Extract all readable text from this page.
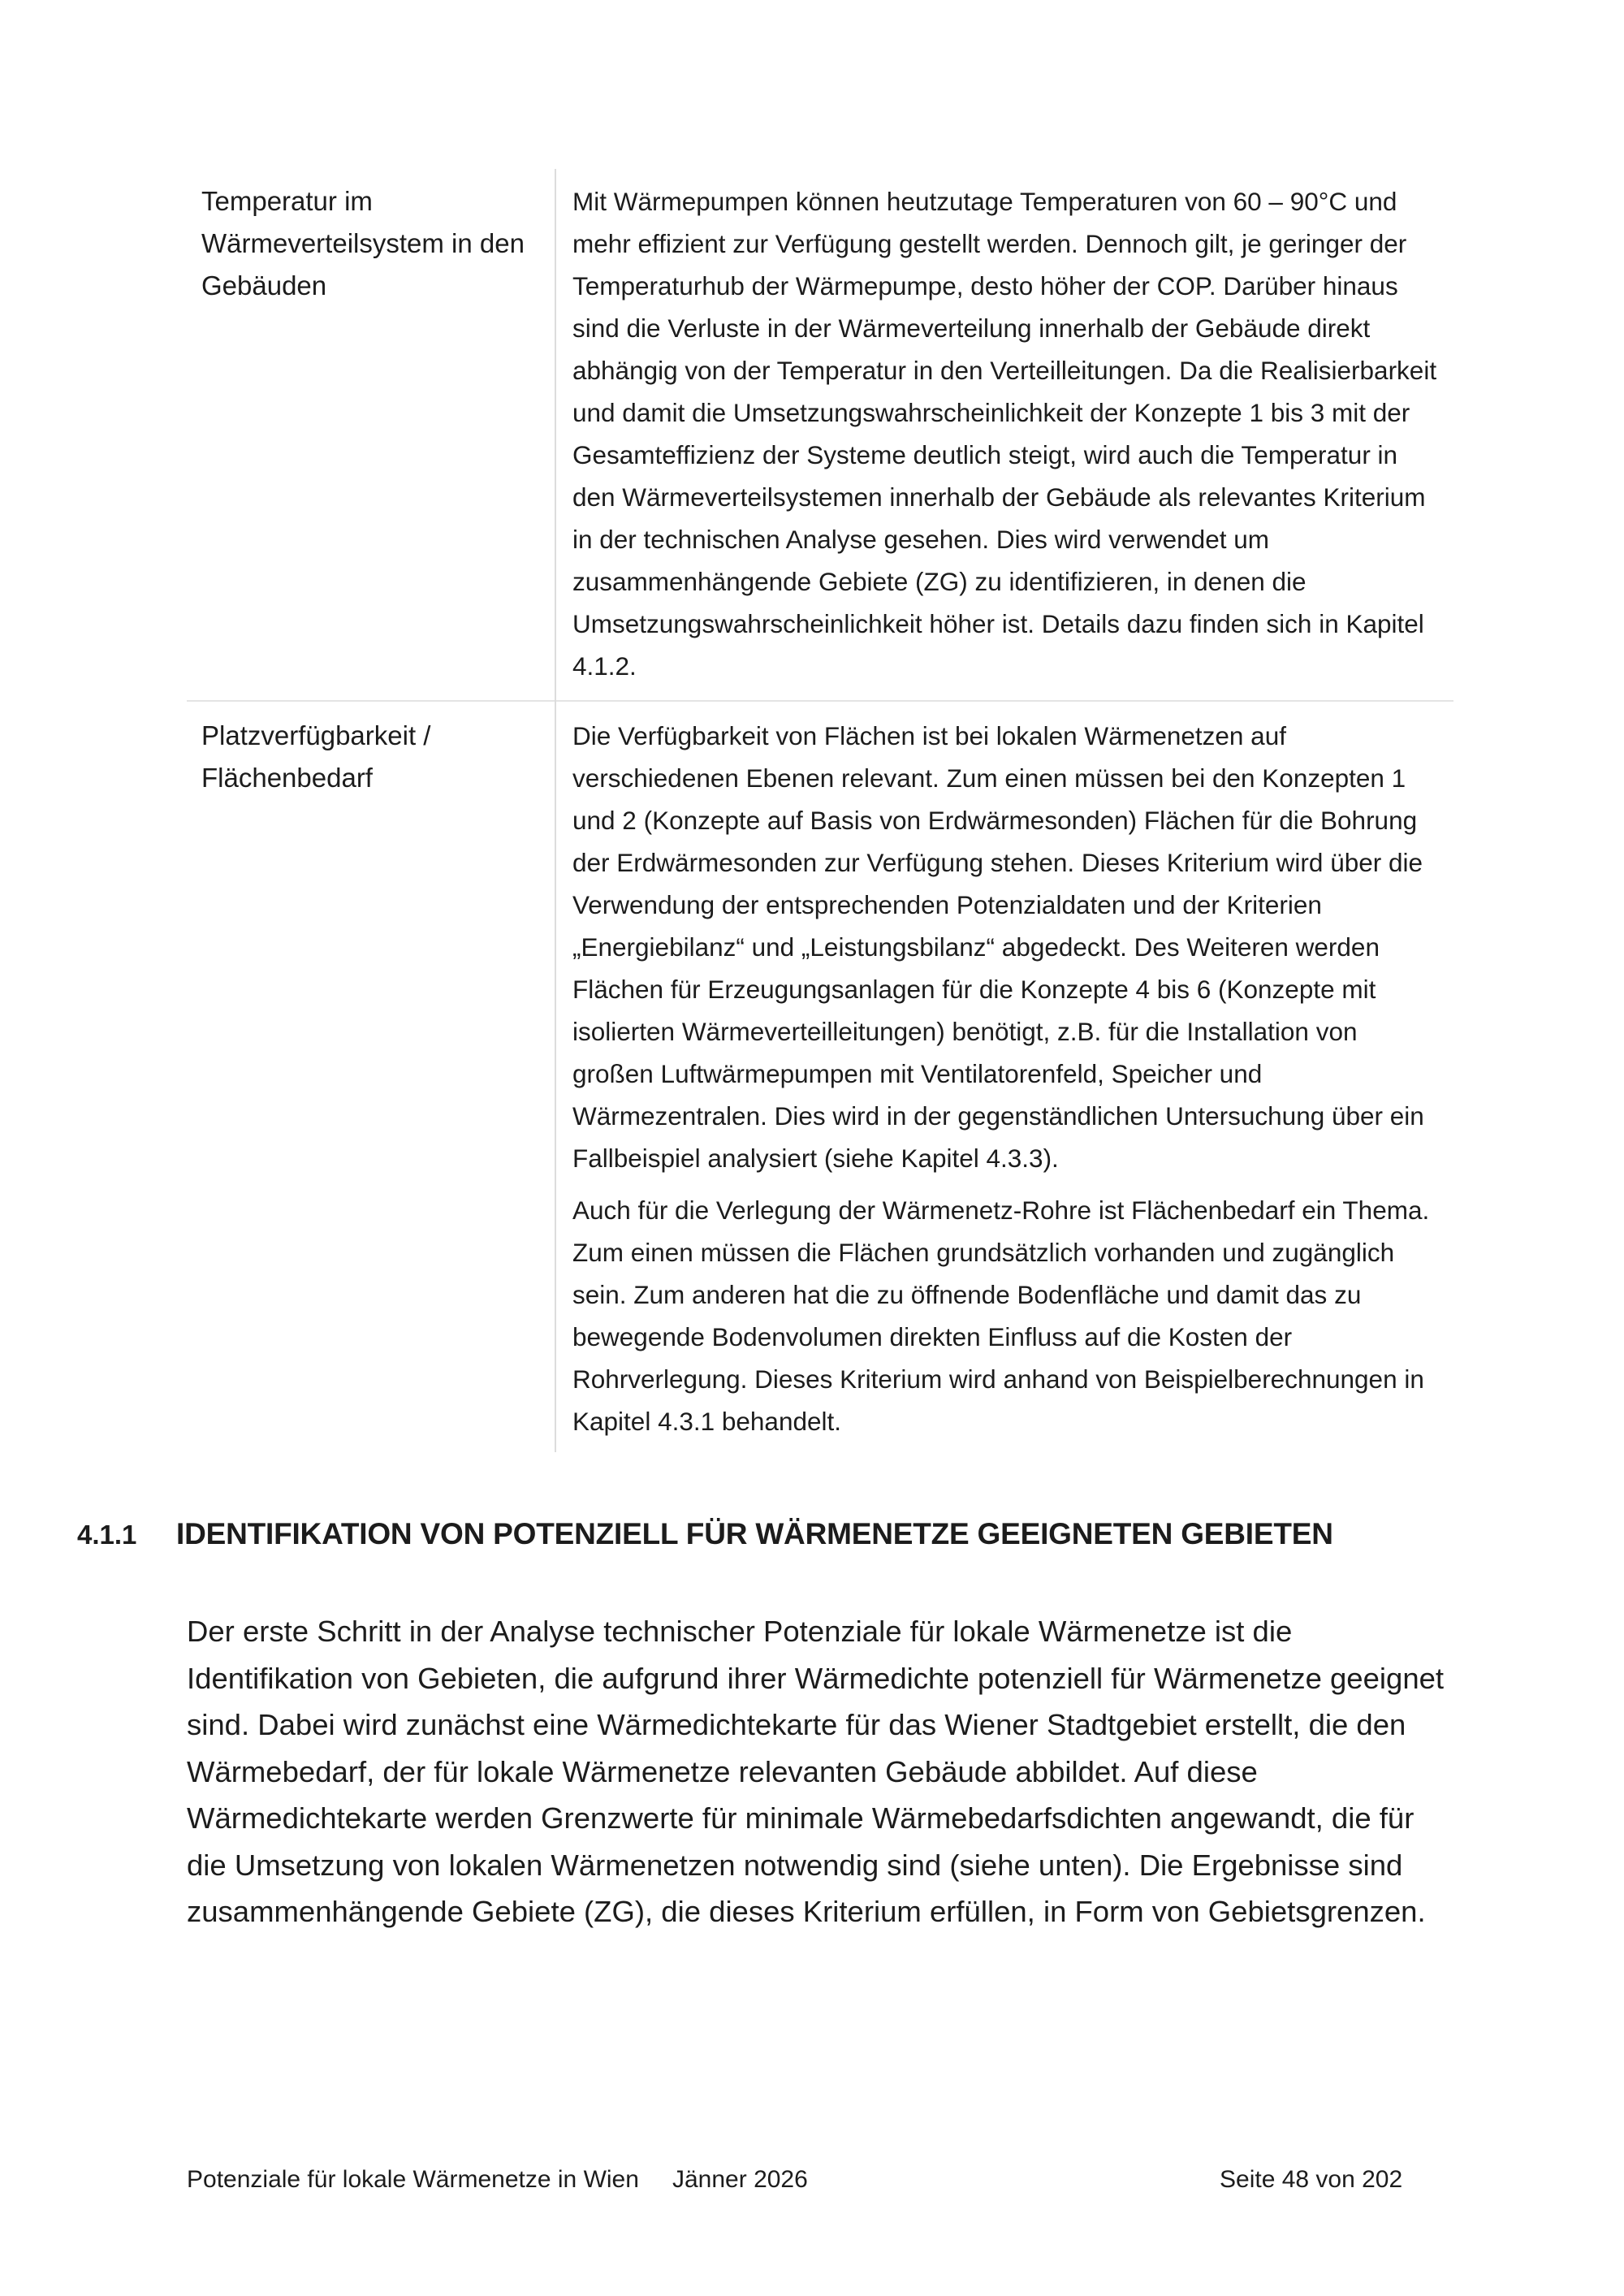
Temperatur im Wärmeverteilsystem in den Gebäuden	Mit Wärmepumpen können heutzutage Temperaturen von 60 – 90°C und mehr effizient zur Verfügung gestellt werden. Dennoch gilt, je geringer der Temperaturhub der Wärmepumpe, desto höher der COP. Darüber hinaus sind die Verluste in der Wärmeverteilung innerhalb der Gebäude direkt abhängig von der Temperatur in den Verteilleitungen. Da die Realisierbarkeit und damit die Umsetzungswahrscheinlichkeit der Konzepte 1 bis 3 mit der Gesamteffizienz der Systeme deutlich steigt, wird auch die Temperatur in den Wärmeverteilsystemen innerhalb der Gebäude als relevantes Kriterium in der technischen Analyse gesehen. Dies wird verwendet um zusammenhängende Gebiete (ZG) zu identifizieren, in denen die Umsetzungswahrscheinlichkeit höher ist. Details dazu finden sich in Kapitel 4.1.2.

Platzverfügbarkeit / Flächenbedarf	Die Verfügbarkeit von Flächen ist bei lokalen Wärmenetzen auf verschiedenen Ebenen relevant. Zum einen müssen bei den Konzepten 1 und 2 (Konzepte auf Basis von Erdwärmesonden) Flächen für die Bohrung der Erdwärmesonden zur Verfügung stehen. Dieses Kriterium wird über die Verwendung der entsprechenden Potenzialdaten und der Kriterien „Energiebilanz“ und „Leistungsbilanz“ abgedeckt. Des Weiteren werden Flächen für Erzeugungsanlagen für die Konzepte 4 bis 6 (Konzepte mit isolierten Wärmeverteilleitungen) benötigt, z.B. für die Installation von großen Luftwärmepumpen mit Ventilatorenfeld, Speicher und Wärmezentralen. Dies wird in der gegenständlichen Untersuchung über ein Fallbeispiel analysiert (siehe Kapitel 4.3.3).

Auch für die Verlegung der Wärmenetz-Rohre ist Flächenbedarf ein Thema. Zum einen müssen die Flächen grundsätzlich vorhanden und zugänglich sein. Zum anderen hat die zu öffnende Bodenfläche und damit das zu bewegende Bodenvolumen direkten Einfluss auf die Kosten der Rohrverlegung. Dieses Kriterium wird anhand von Beispielberechnungen in Kapitel 4.3.1 behandelt.

4.1.1	IDENTIFIKATION VON POTENZIELL FÜR WÄRMENETZE GEEIGNETEN GEBIETEN

Der erste Schritt in der Analyse technischer Potenziale für lokale Wärmenetze ist die Identifikation von Gebieten, die aufgrund ihrer Wärmedichte potenziell für Wärmenetze geeignet sind. Dabei wird zunächst eine Wärmedichtekarte für das Wiener Stadtgebiet erstellt, die den Wärmebedarf, der für lokale Wärmenetze relevanten Gebäude abbildet. Auf diese Wärmedichtekarte werden Grenzwerte für minimale Wärmebedarfsdichten angewandt, die für die Umsetzung von lokalen Wärmenetzen notwendig sind (siehe unten). Die Ergebnisse sind zusammenhängende Gebiete (ZG), die dieses Kriterium erfüllen, in Form von Gebietsgrenzen.

Potenziale für lokale Wärmenetze in Wien Jänner 2026	Seite 48 von 202
